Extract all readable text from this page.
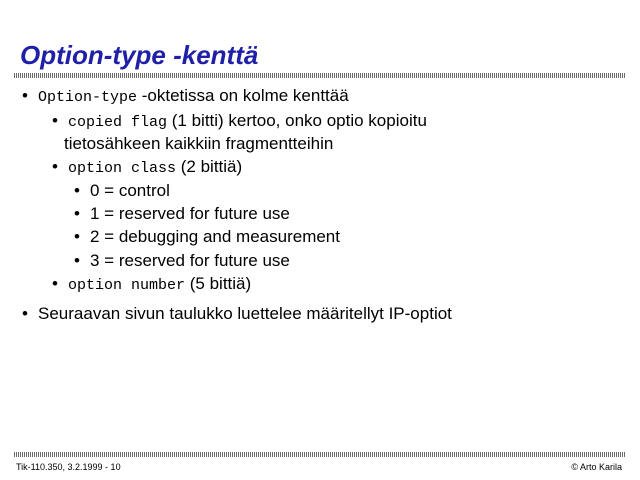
Option-type -kenttä
• Option-type -oktetissa on kolme kenttää
• copied flag (1 bitti) kertoo, onko optio kopioitu
tietosähkeen kaikkiin fragmentteihin
• option class (2 bittiä)
• 0 = control
• 1 = reserved for future use
• 2 = debugging and measurement
• 3 = reserved for future use
• option number (5 bittiä)
• Seuraavan sivun taulukko luettelee määritellyt IP-optiot
Tik-110.350, 3.2.1999 - 10	© Arto Karila
